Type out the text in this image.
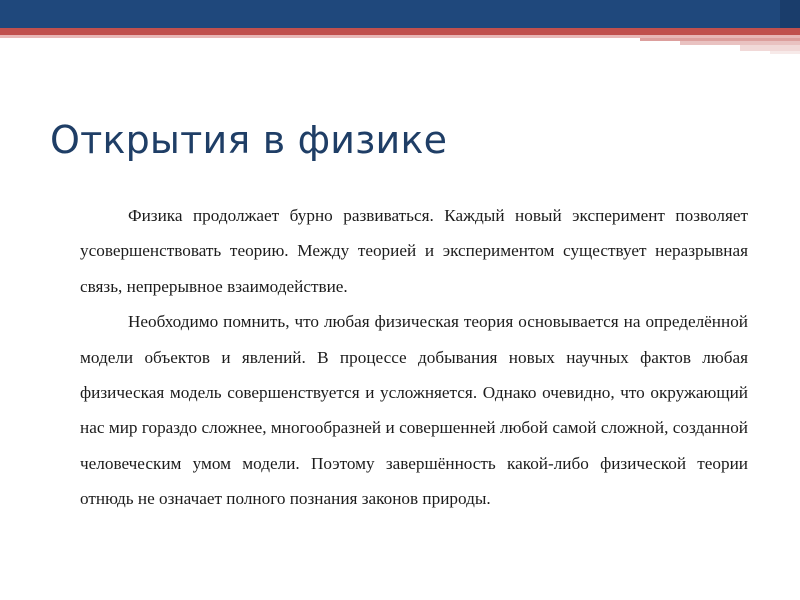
Открытия в физике

Физика продолжает бурно развиваться. Каждый новый эксперимент позволяет усовершенствовать теорию. Между теорией и экспериментом существует неразрывная связь, непрерывное взаимодействие.

Необходимо помнить, что любая физическая теория основывается на определённой модели объектов и явлений. В процессе добывания новых научных фактов любая физическая модель совершенствуется и усложняется. Однако очевидно, что окружающий нас мир гораздо сложнее, многообразней и совершенней любой самой сложной, созданной человеческим умом модели. Поэтому завершённость какой-либо физической теории отнюдь не означает полного познания законов природы.
